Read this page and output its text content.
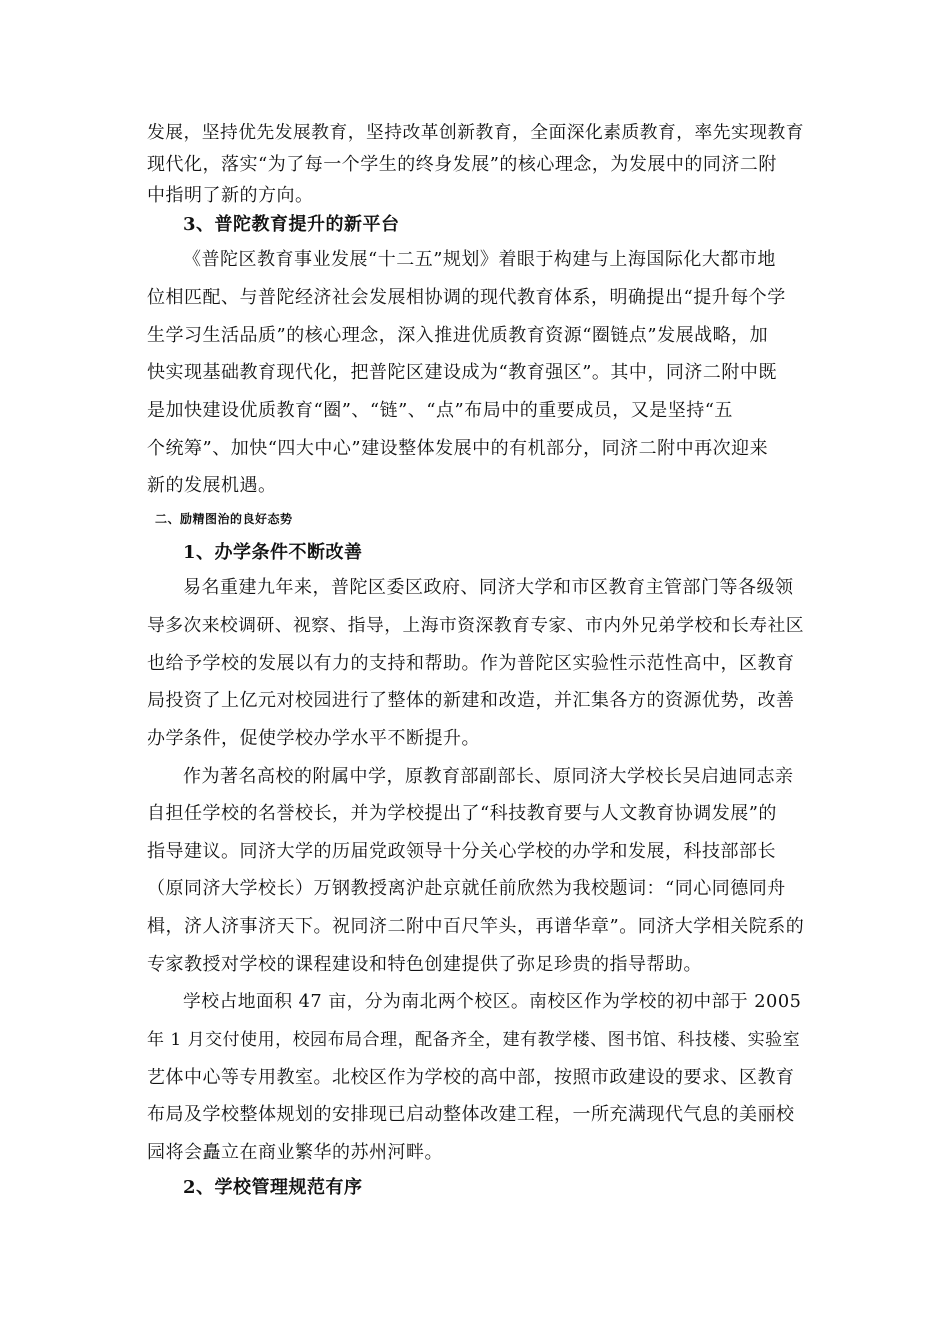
发展，坚持优先发展教育，坚持改革创新教育，全面深化素质教育，率先实现教育
现代化，落实“为了每一个学生的终身发展”的核心理念，为发展中的同济二附
中指明了新的方向。
3、普陀教育提升的新平台
《普陀区教育事业发展“十二五”规划》着眼于构建与上海国际化大都市地
位相匹配、与普陀经济社会发展相协调的现代教育体系，明确提出“提升每个学
生学习生活品质”的核心理念，深入推进优质教育资源“圈链点”发展战略，加
快实现基础教育现代化，把普陀区建设成为“教育强区”。其中，同济二附中既
是加快建设优质教育“圈”、“链”、“点”布局中的重要成员，又是坚持“五
个统筹”、加快“四大中心”建设整体发展中的有机部分，同济二附中再次迎来
新的发展机遇。
二、励精图治的良好态势
1、办学条件不断改善
易名重建九年来，普陀区委区政府、同济大学和市区教育主管部门等各级领
导多次来校调研、视察、指导，上海市资深教育专家、市内外兄弟学校和长寿社区
也给予学校的发展以有力的支持和帮助。作为普陀区实验性示范性高中，区教育
局投资了上亿元对校园进行了整体的新建和改造，并汇集各方的资源优势，改善
办学条件，促使学校办学水平不断提升。
作为著名高校的附属中学，原教育部副部长、原同济大学校长吴启迪同志亲
自担任学校的名誉校长，并为学校提出了“科技教育要与人文教育协调发展”的
指导建议。同济大学的历届党政领导十分关心学校的办学和发展，科技部部长
（原同济大学校长）万钢教授离沪赴京就任前欣然为我校题词：“同心同德同舟
楫，济人济事济天下。祝同济二附中百尺竿头，再谱华章”。同济大学相关院系的
专家教授对学校的课程建设和特色创建提供了弥足珍贵的指导帮助。
学校占地面积 47 亩，分为南北两个校区。南校区作为学校的初中部于 2005
年 1 月交付使用，校园布局合理，配备齐全，建有教学楼、图书馆、科技楼、实验室
艺体中心等专用教室。北校区作为学校的高中部，按照市政建设的要求、区教育
布局及学校整体规划的安排现已启动整体改建工程，一所充满现代气息的美丽校
园将会矗立在商业繁华的苏州河畔。
2、学校管理规范有序
